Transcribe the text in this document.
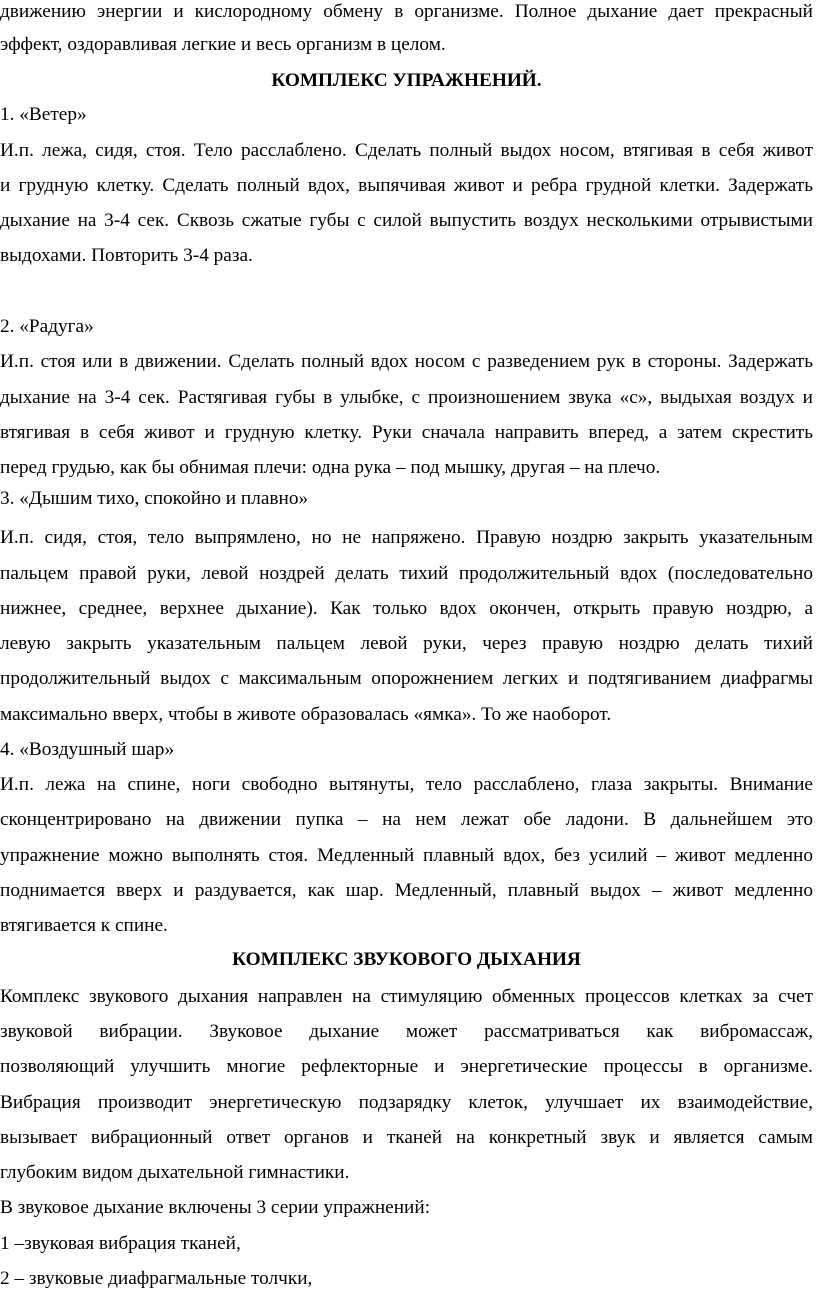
движению энергии и кислородному обмену в организме. Полное дыхание дает прекрасный
эффект, оздоравливая легкие и весь организм в целом.
КОМПЛЕКС УПРАЖНЕНИЙ.
1. «Ветер»
И.п. лежа, сидя, стоя. Тело расслаблено. Сделать полный выдох носом, втягивая в себя живот
и грудную клетку. Сделать полный вдох, выпячивая живот и ребра грудной клетки. Задержать
дыхание на 3-4 сек. Сквозь сжатые губы с силой выпустить воздух несколькими отрывистыми
выдохами. Повторить 3-4 раза.
2. «Радуга»
И.п. стоя или в движении. Сделать полный вдох носом с разведением рук в стороны. Задержать
дыхание на 3-4 сек. Растягивая губы в улыбке, с произношением звука «с», выдыхая воздух и
втягивая в себя живот и грудную клетку. Руки сначала направить вперед, а затем скрестить
перед грудью, как бы обнимая плечи: одна рука – под мышку, другая – на плечо.
3. «Дышим тихо, спокойно и плавно»
И.п. сидя, стоя, тело выпрямлено, но не напряжено. Правую ноздрю закрыть указательным
пальцем правой руки, левой ноздрей делать тихий продолжительный вдох (последовательно
нижнее, среднее, верхнее дыхание). Как только вдох окончен, открыть правую ноздрю, а
левую закрыть указательным пальцем левой руки, через правую ноздрю делать тихий
продолжительный выдох с максимальным опорожнением легких и подтягиванием диафрагмы
максимально вверх, чтобы в животе образовалась «ямка». То же наоборот.
4. «Воздушный шар»
И.п. лежа на спине, ноги свободно вытянуты, тело расслаблено, глаза закрыты. Внимание
сконцентрировано на движении пупка – на нем лежат обе ладони. В дальнейшем это
упражнение можно выполнять стоя. Медленный плавный вдох, без усилий – живот медленно
поднимается вверх и раздувается, как шар. Медленный, плавный выдох – живот медленно
втягивается к спине.
КОМПЛЕКС ЗВУКОВОГО ДЫХАНИЯ
Комплекс звукового дыхания направлен на стимуляцию обменных процессов клетках за счет
звуковой вибрации. Звуковое дыхание может рассматриваться как вибромассаж,
позволяющий улучшить многие рефлекторные и энергетические процессы в организме.
Вибрация производит энергетическую подзарядку клеток, улучшает их взаимодействие,
вызывает вибрационный ответ органов и тканей на конкретный звук и является самым
глубоким видом дыхательной гимнастики.
В звуковое дыхание включены 3 серии упражнений:
1 –звуковая вибрация тканей,
2 – звуковые диафрагмальные толчки,
